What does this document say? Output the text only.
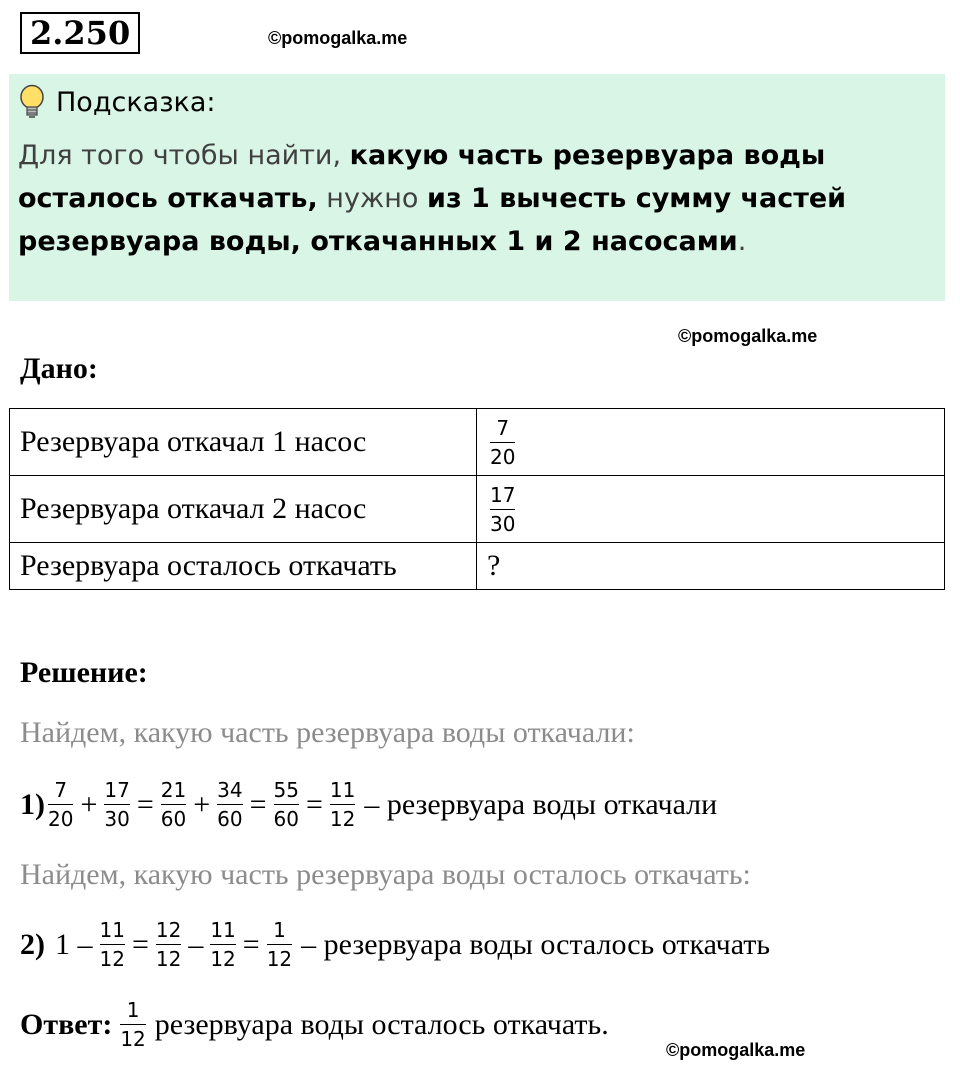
2.250	©pomogalka.me
Подсказка:
Для того чтобы найти, какую часть резервуара воды осталось откачать, нужно из 1 вычесть сумму частей резервуара воды, откачанных 1 и 2 насосами.
©pomogalka.me
Дано:
Резервуара откачал 1 насос	$\frac{7}{20}$

Резервуара откачал 2 насос	$\frac{17}{30}$

Резервуара осталось откачать	?
Решение:
Найдем, какую часть резервуара воды откачали:
$1) \frac{7}{20} + \frac{17}{30} = \frac{21}{60} + \frac{34}{60} = \frac{55}{60} = \frac{11}{12}$ – резервуара воды откачали
Найдем, какую часть резервуара воды осталось откачать:
2) $1 - \frac{11}{12} = \frac{12}{12} - \frac{11}{12} = \frac{1}{12}$ – резервуара воды осталось откачать
Ответ: $\frac{1}{12}$ резервуара воды осталось откачать.
©pomogalka.me
